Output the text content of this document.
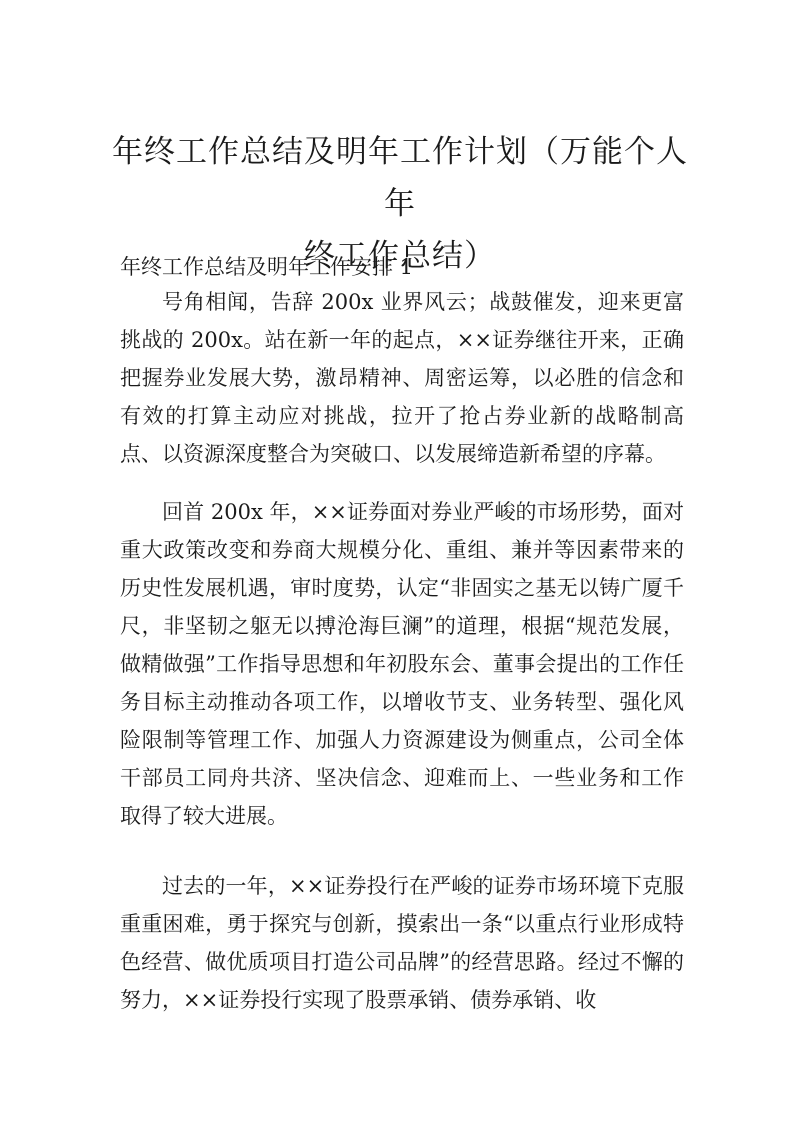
年终工作总结及明年工作计划（万能个人年
终工作总结）

年终工作总结及明年工作安排 1

号角相闻，告辞 200x 业界风云；战鼓催发，迎来更富挑战的 200x。站在新一年的起点，××证券继往开来，正确把握券业发展大势，激昂精神、周密运筹，以必胜的信念和有效的打算主动应对挑战，拉开了抢占券业新的战略制高点、以资源深度整合为突破口、以发展缔造新希望的序幕。

回首 200x 年，××证券面对券业严峻的市场形势，面对重大政策改变和券商大规模分化、重组、兼并等因素带来的历史性发展机遇，审时度势，认定“非固实之基无以铸广厦千尺，非坚韧之躯无以搏沧海巨澜”的道理，根据“规范发展，做精做强”工作指导思想和年初股东会、董事会提出的工作任务目标主动推动各项工作，以增收节支、业务转型、强化风险限制等管理工作、加强人力资源建设为侧重点，公司全体干部员工同舟共济、坚决信念、迎难而上、一些业务和工作取得了较大进展。

过去的一年，××证券投行在严峻的证券市场环境下克服重重困难，勇于探究与创新，摸索出一条“以重点行业形成特色经营、做优质项目打造公司品牌”的经营思路。经过不懈的努力，××证券投行实现了股票承销、债券承销、收
